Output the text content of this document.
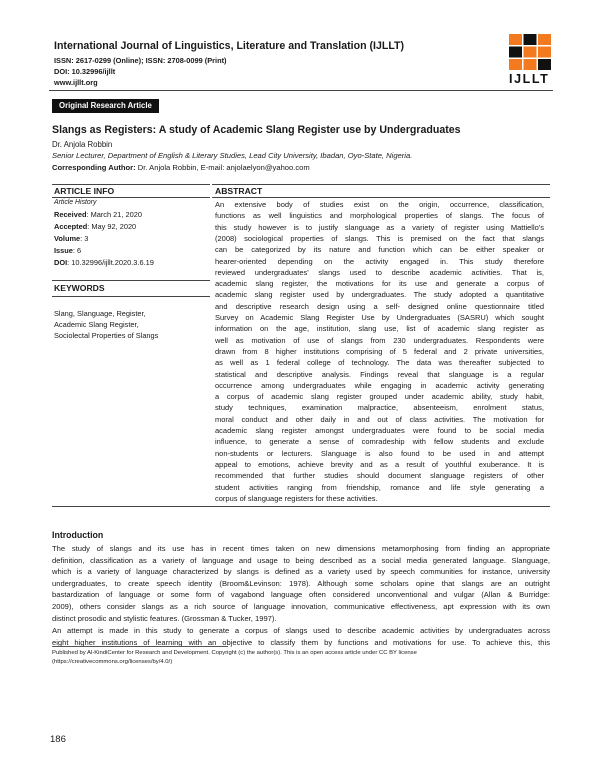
International Journal of Linguistics, Literature and Translation (IJLLT)
ISSN: 2617-0299 (Online); ISSN: 2708-0099 (Print)
DOI: 10.32996/ijllt
www.ijllt.org	IJLLT
Original Research Article
Slangs as Registers: A study of Academic Slang Register use by Undergraduates
Dr. Anjola Robbin
Senior Lecturer, Department of English & Literary Studies, Lead City University, Ibadan, Oyo-State, Nigeria.
Corresponding Author: Dr. Anjola Robbin, E-mail: anjolaelyon@yahoo.com
ARTICLE INFO	ABSTRACT
Article History
Received: March 21, 2020
Accepted: May 92, 2020
Volume: 3
Issue: 6
DOI: 10.32996/ijllt.2020.3.6.19
KEYWORDS
Slang, Slanguage, Register,
Academic Slang Register,
Sociolectal Properties of Slangs
An extensive body of studies exist on the origin, occurrence, classification,
functions as well linguistics and morphological properties of slangs. The focus of
this study however is to justify slanguage as a variety of register using Mattiello's
(2008) sociological properties of slangs. This is premised on the fact that slangs
can be categorized by its nature and function which can be either speaker or
hearer-oriented depending on the activity engaged in. This study therefore
reviewed undergraduates' slangs used to describe academic activities. That is,
academic slang register, the motivations for its use and generate a corpus of
academic slang register used by undergraduates. The study adopted a quantitative
and descriptive research design using a self- designed online questionnaire titled
Survey on Academic Slang Register Use by Undergraduates (SASRU) which sought
information on the age, institution, slang use, list of academic slang register as
well as motivation of use of slangs from 230 undergraduates. Respondents were
drawn from 8 higher institutions comprising of 5 federal and 2 private universities,
as well as 1 federal college of technology. The data was thereafter subjected to
statistical and descriptive analysis. Findings reveal that slanguage is a regular
occurrence among undergraduates while engaging in academic activity generating
a corpus of academic slang register grouped under academic ability, study habit,
study techniques, examination malpractice, absenteeism, enrolment status,
moral conduct and other daily in and out of class activities. The motivation for
academic slang register amongst undergraduates were found to be social media
influence, to generate a sense of comradeship with fellow students and exclude
non-students or lecturers. Slanguage is also found to be used in and attempt
appeal to emotions, achieve brevity and as a result of youthful exuberance. It is
recommended that further studies should document slanguage registers of other
student activities ranging from friendship, romance and life style generating a
corpus of slanguage registers for these activities.
Introduction
The study of slangs and its use has in recent times taken on new dimensions metamorphosing from finding an appropriate
definition, classification as a variety of language and usage to being described as a social media generated language. Slanguage,
which is a variety of language characterized by slangs is defined as a variety used by speech communities for instance, university
undergraduates, to create speech identity (Broom&Levinson: 1978). Although some scholars opine that slangs are an outright
bastardization of language or some form of vagabond language often considered unconventional and vulgar (Allan & Burridge:
2009), others consider slangs as a rich source of language innovation, communicative effectiveness, apt expression with its own
distinct prosodic and stylistic features. (Grossman & Tucker, 1997).
An attempt is made in this study to generate a corpus of slangs used to describe academic activities by undergraduates across
eight higher institutions of learning with an objective to classify them by functions and motivations for use. To achieve this, this
Published by Al-KindiCenter for Research and Development. Copyright (c) the author(s). This is an open access article under CC BY license
(https://creativecommons.org/licenses/by/4.0/)
186
